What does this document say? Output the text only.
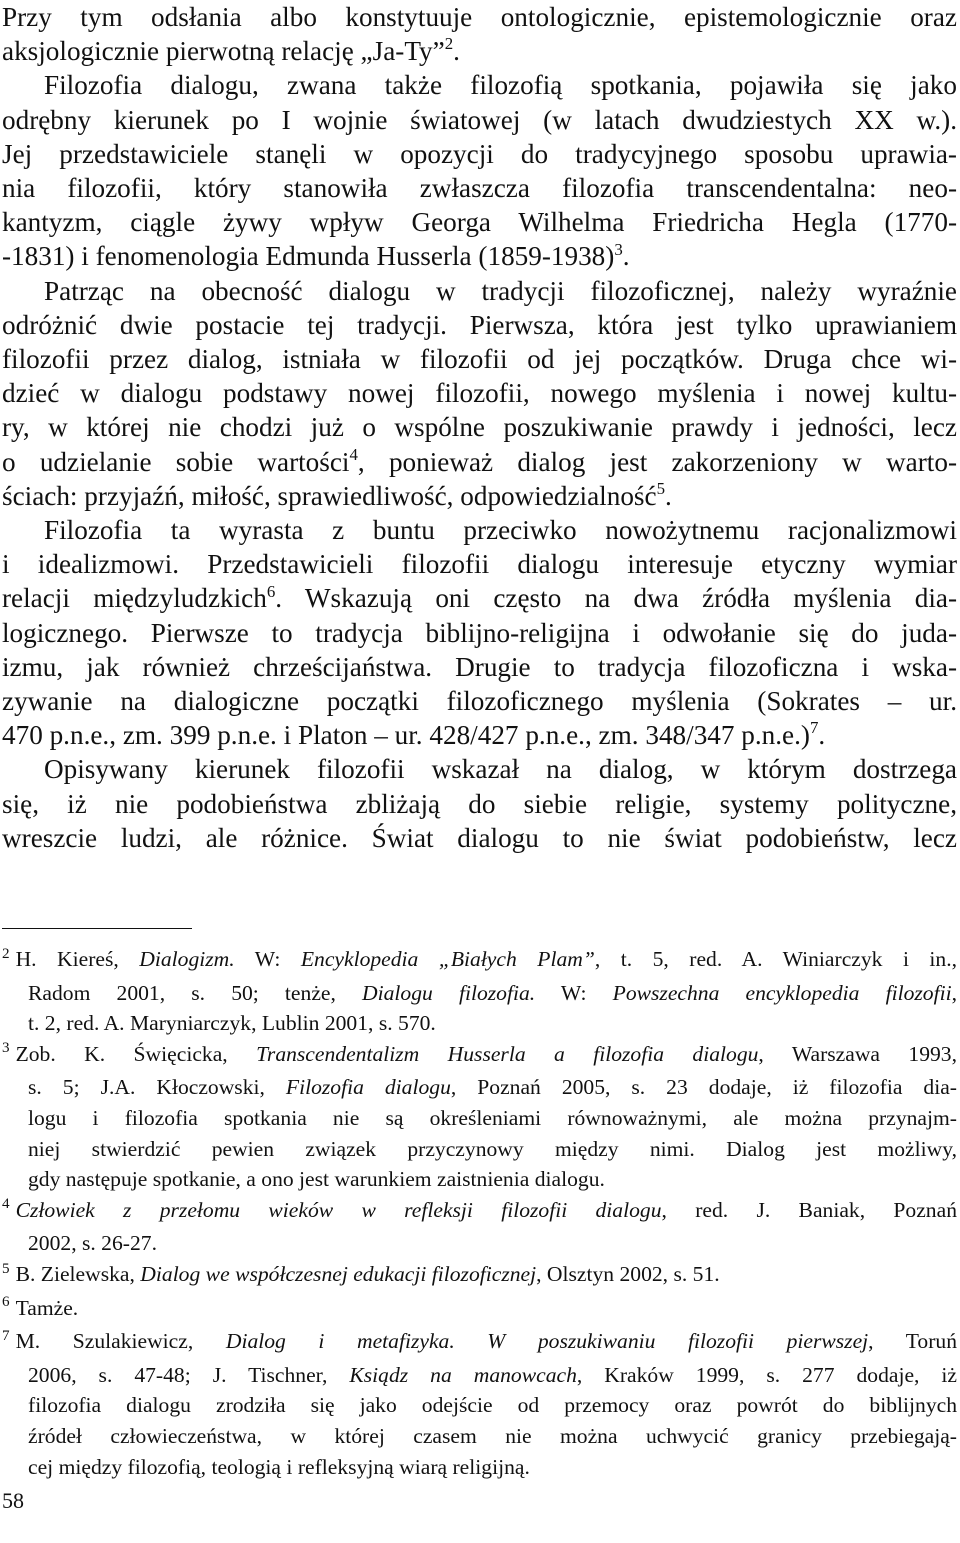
Przy tym odsłania albo konstytuuje ontologicznie, epistemologicznie oraz
aksjologicznie pierwotną relację „Ja-Ty”$^2$.
Filozofia dialogu, zwana także filozofią spotkania, pojawiła się jako
odrębny kierunek po I wojnie światowej (w latach dwudziestych XX w.).
Jej przedstawiciele stanęli w opozycji do tradycyjnego sposobu uprawia-
nia filozofii, który stanowiła zwłaszcza filozofia transcendentalna: neo-
kantyzm, ciągle żywy wpływ Georga Wilhelma Friedricha Hegla (1770-
-1831) i fenomenologia Edmunda Husserla (1859-1938)$^3$.
Patrząc na obecność dialogu w tradycji filozoficznej, należy wyraźnie
odróżnić dwie postacie tej tradycji. Pierwsza, która jest tylko uprawianiem
filozofii przez dialog, istniała w filozofii od jej początków. Druga chce wi-
dzieć w dialogu podstawy nowej filozofii, nowego myślenia i nowej kultu-
ry, w której nie chodzi już o wspólne poszukiwanie prawdy i jedności, lecz
o udzielanie sobie wartości$^4$, ponieważ dialog jest zakorzeniony w warto-
ściach: przyjaźń, miłość, sprawiedliwość, odpowiedzialność$^5$.
Filozofia ta wyrasta z buntu przeciwko nowożytnemu racjonalizmowi
i idealizmowi. Przedstawicieli filozofii dialogu interesuje etyczny wymiar
relacji międzyludzkich$^6$. Wskazują oni często na dwa źródła myślenia dia-
logicznego. Pierwsze to tradycja biblijno-religijna i odwołanie się do juda-
izmu, jak również chrześcijaństwa. Drugie to tradycja filozoficzna i wska-
zywanie na dialogiczne początki filozoficznego myślenia (Sokrates – ur.
470 p.n.e., zm. 399 p.n.e. i Platon – ur. 428/427 p.n.e., zm. 348/347 p.n.e.)$^7$.
Opisywany kierunek filozofii wskazał na dialog, w którym dostrzega
się, iż nie podobieństwa zbliżają do siebie religie, systemy polityczne,
wreszcie ludzi, ale różnice. Świat dialogu to nie świat podobieństw, lecz
$^2$ H. Kiereś, Dialogizm. W: Encyklopedia „Białych Plam”, t. 5, red. A. Winiarczyk i in.,
Radom 2001, s. 50; tenże, Dialogu filozofia. W: Powszechna encyklopedia filozofii,
t. 2, red. A. Maryniarczyk, Lublin 2001, s. 570.
$^3$ Zob. K. Święcicka, Transcendentalizm Husserla a filozofia dialogu, Warszawa 1993,
s. 5; J.A. Kłoczowski, Filozofia dialogu, Poznań 2005, s. 23 dodaje, iż filozofia dia-
logu i filozofia spotkania nie są określeniami równoważnymi, ale można przynajm-
niej stwierdzić pewien związek przyczynowy między nimi. Dialog jest możliwy,
gdy następuje spotkanie, a ono jest warunkiem zaistnienia dialogu.
$^4$ Człowiek z przełomu wieków w refleksji filozofii dialogu, red. J. Baniak, Poznań
2002, s. 26-27.
$^5$ B. Zielewska, Dialog we współczesnej edukacji filozoficznej, Olsztyn 2002, s. 51.
$^6$ Tamże.
$^7$ M. Szulakiewicz, Dialog i metafizyka. W poszukiwaniu filozofii pierwszej, Toruń
2006, s. 47-48; J. Tischner, Ksiądz na manowcach, Kraków 1999, s. 277 dodaje, iż
filozofia dialogu zrodziła się jako odejście od przemocy oraz powrót do biblijnych
źródeł człowieczeństwa, w której czasem nie można uchwycić granicy przebiegają-
cej między filozofią, teologią i refleksyjną wiarą religijną.
58
